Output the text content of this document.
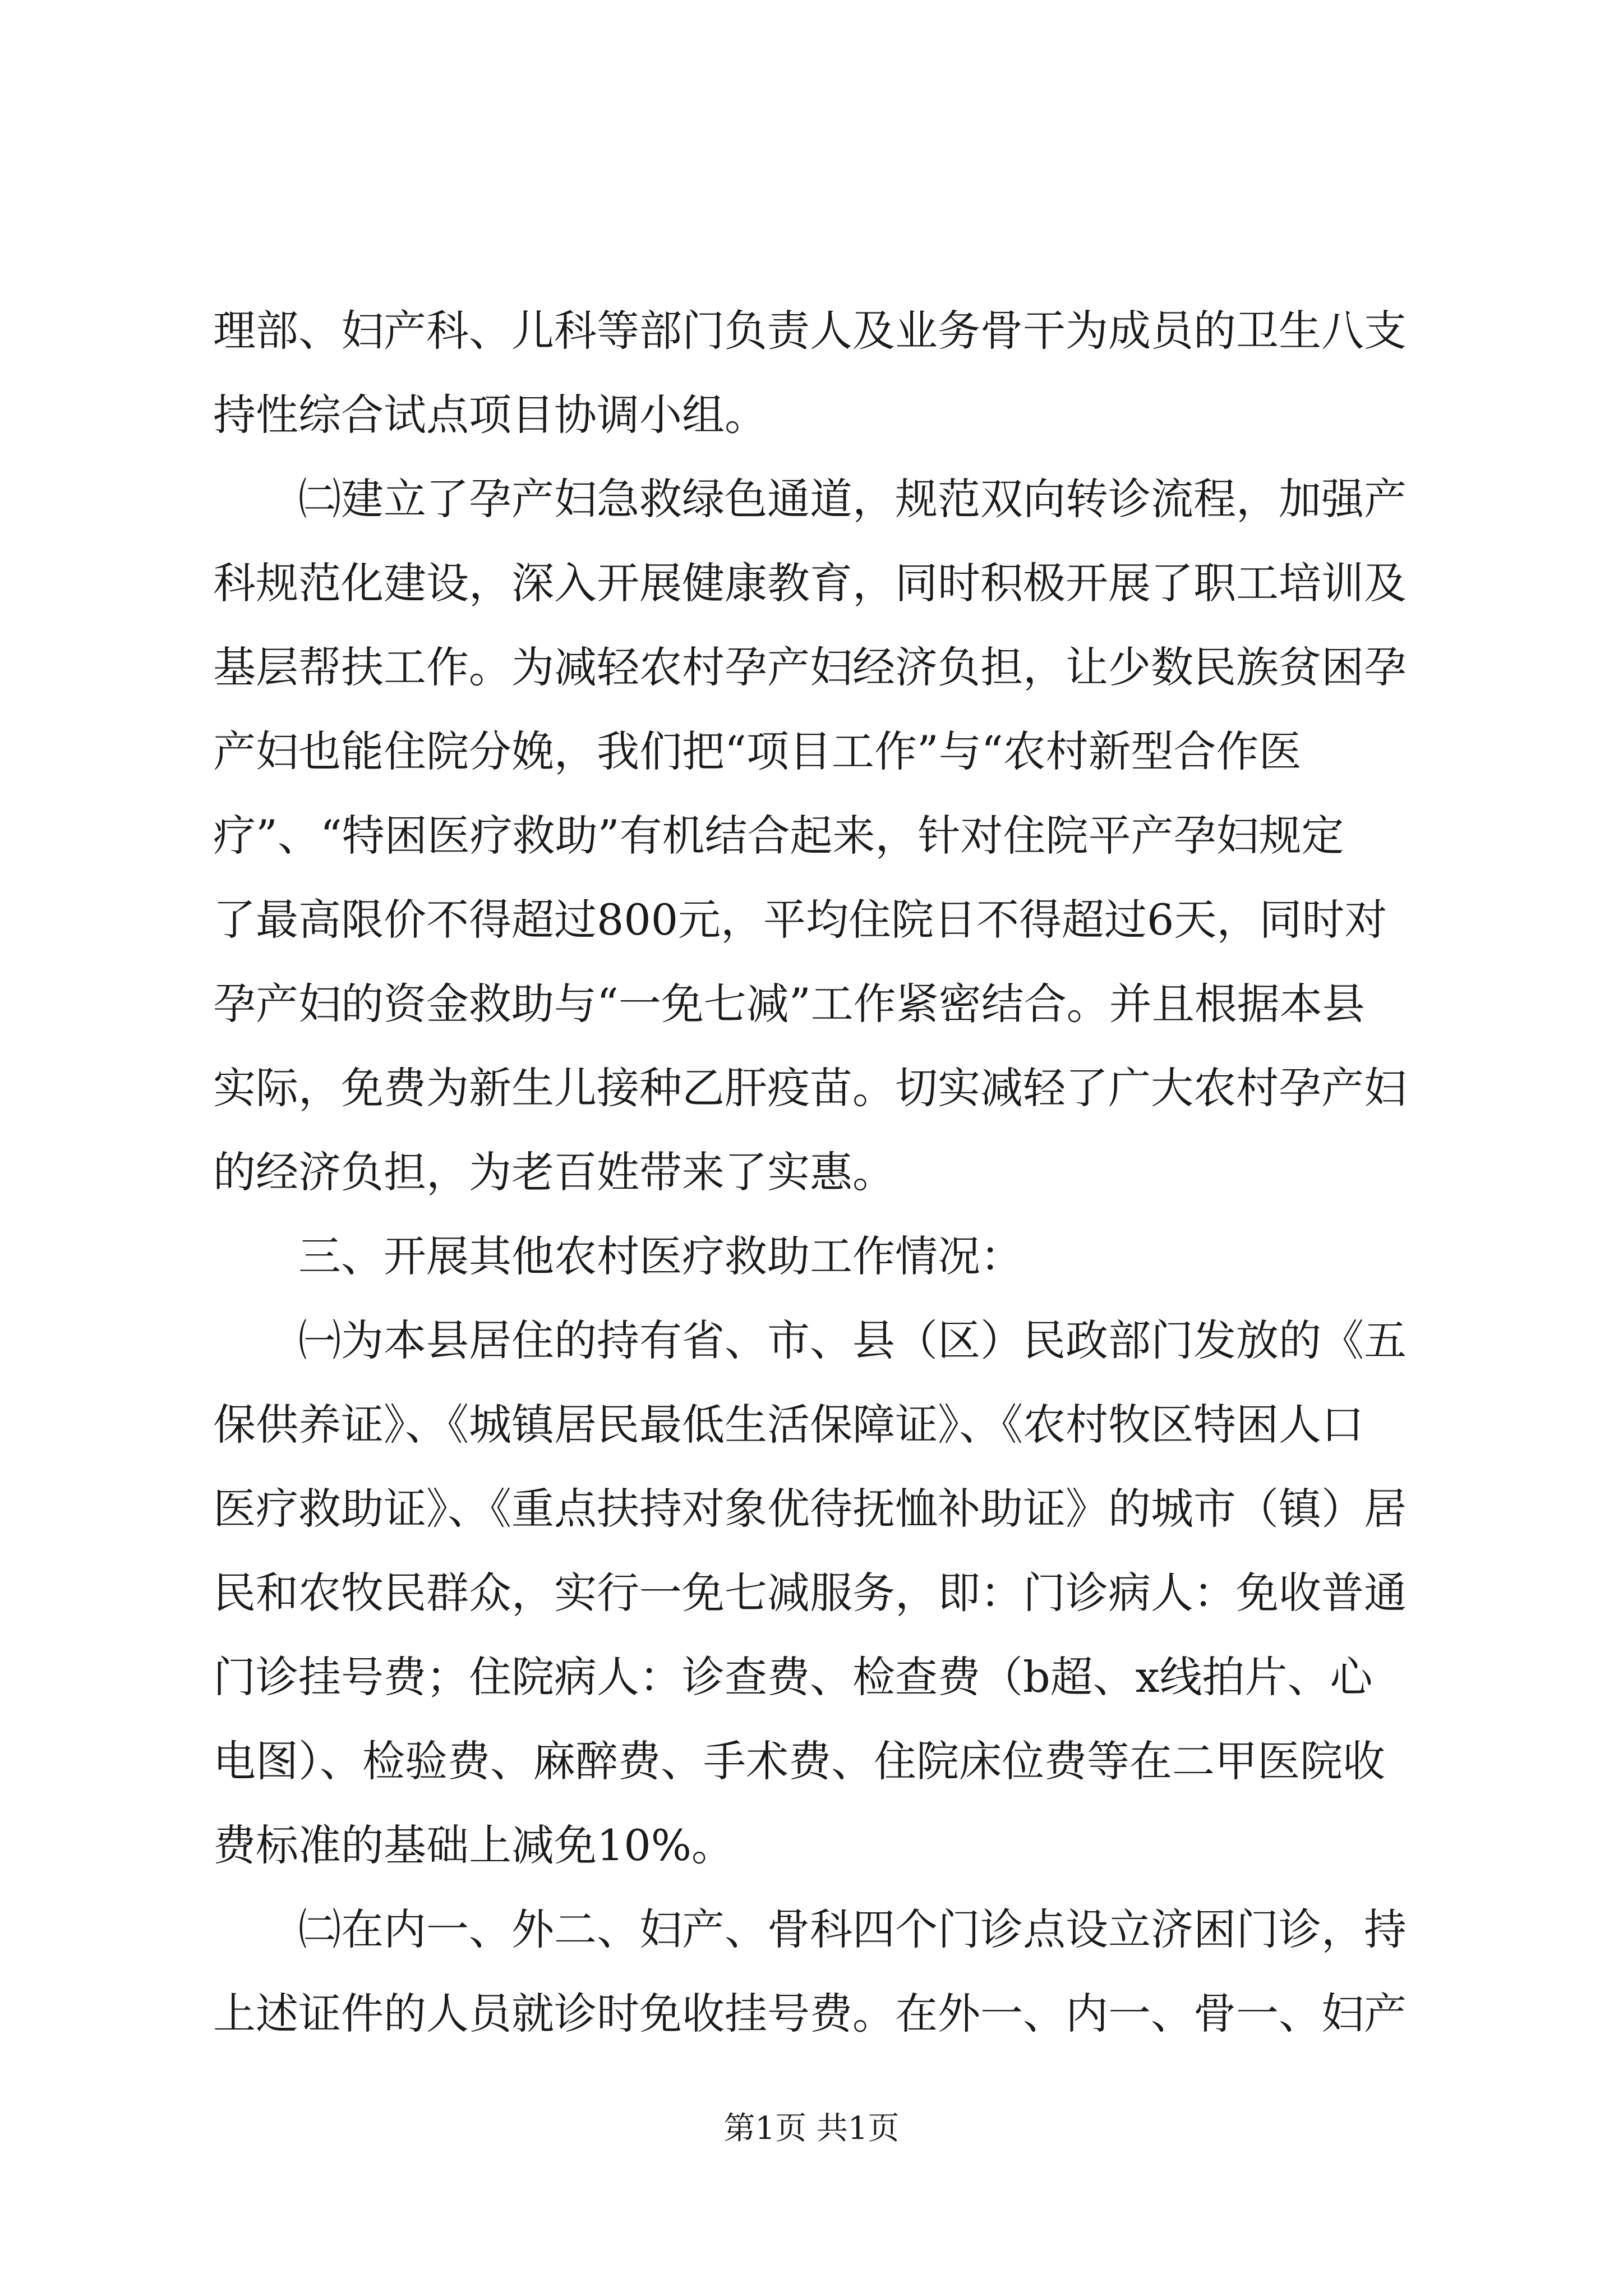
理部、妇产科、儿科等部门负责人及业务骨干为成员的卫生八支
持性综合试点项目协调小组。
㈡建立了孕产妇急救绿色通道，规范双向转诊流程，加强产
科规范化建设，深入开展健康教育，同时积极开展了职工培训及
基层帮扶工作。为减轻农村孕产妇经济负担，让少数民族贫困孕
产妇也能住院分娩，我们把“项目工作”与“农村新型合作医
疗”、“特困医疗救助”有机结合起来，针对住院平产孕妇规定
了最高限价不得超过800元，平均住院日不得超过6天，同时对
孕产妇的资金救助与“一免七减”工作紧密结合。并且根据本县
实际，免费为新生儿接种乙肝疫苗。切实减轻了广大农村孕产妇
的经济负担，为老百姓带来了实惠。
三、开展其他农村医疗救助工作情况：
㈠为本县居住的持有省、市、县（区）民政部门发放的《五
保供养证》、《城镇居民最低生活保障证》、《农村牧区特困人口
医疗救助证》、《重点扶持对象优待抚恤补助证》的城市（镇）居
民和农牧民群众，实行一免七减服务，即：门诊病人：免收普通
门诊挂号费；住院病人：诊查费、检查费（b超、x线拍片、心
电图）、检验费、麻醉费、手术费、住院床位费等在二甲医院收
费标准的基础上减免10%。
㈡在内一、外二、妇产、骨科四个门诊点设立济困门诊，持
上述证件的人员就诊时免收挂号费。在外一、内一、骨一、妇产
第1页 共1页
